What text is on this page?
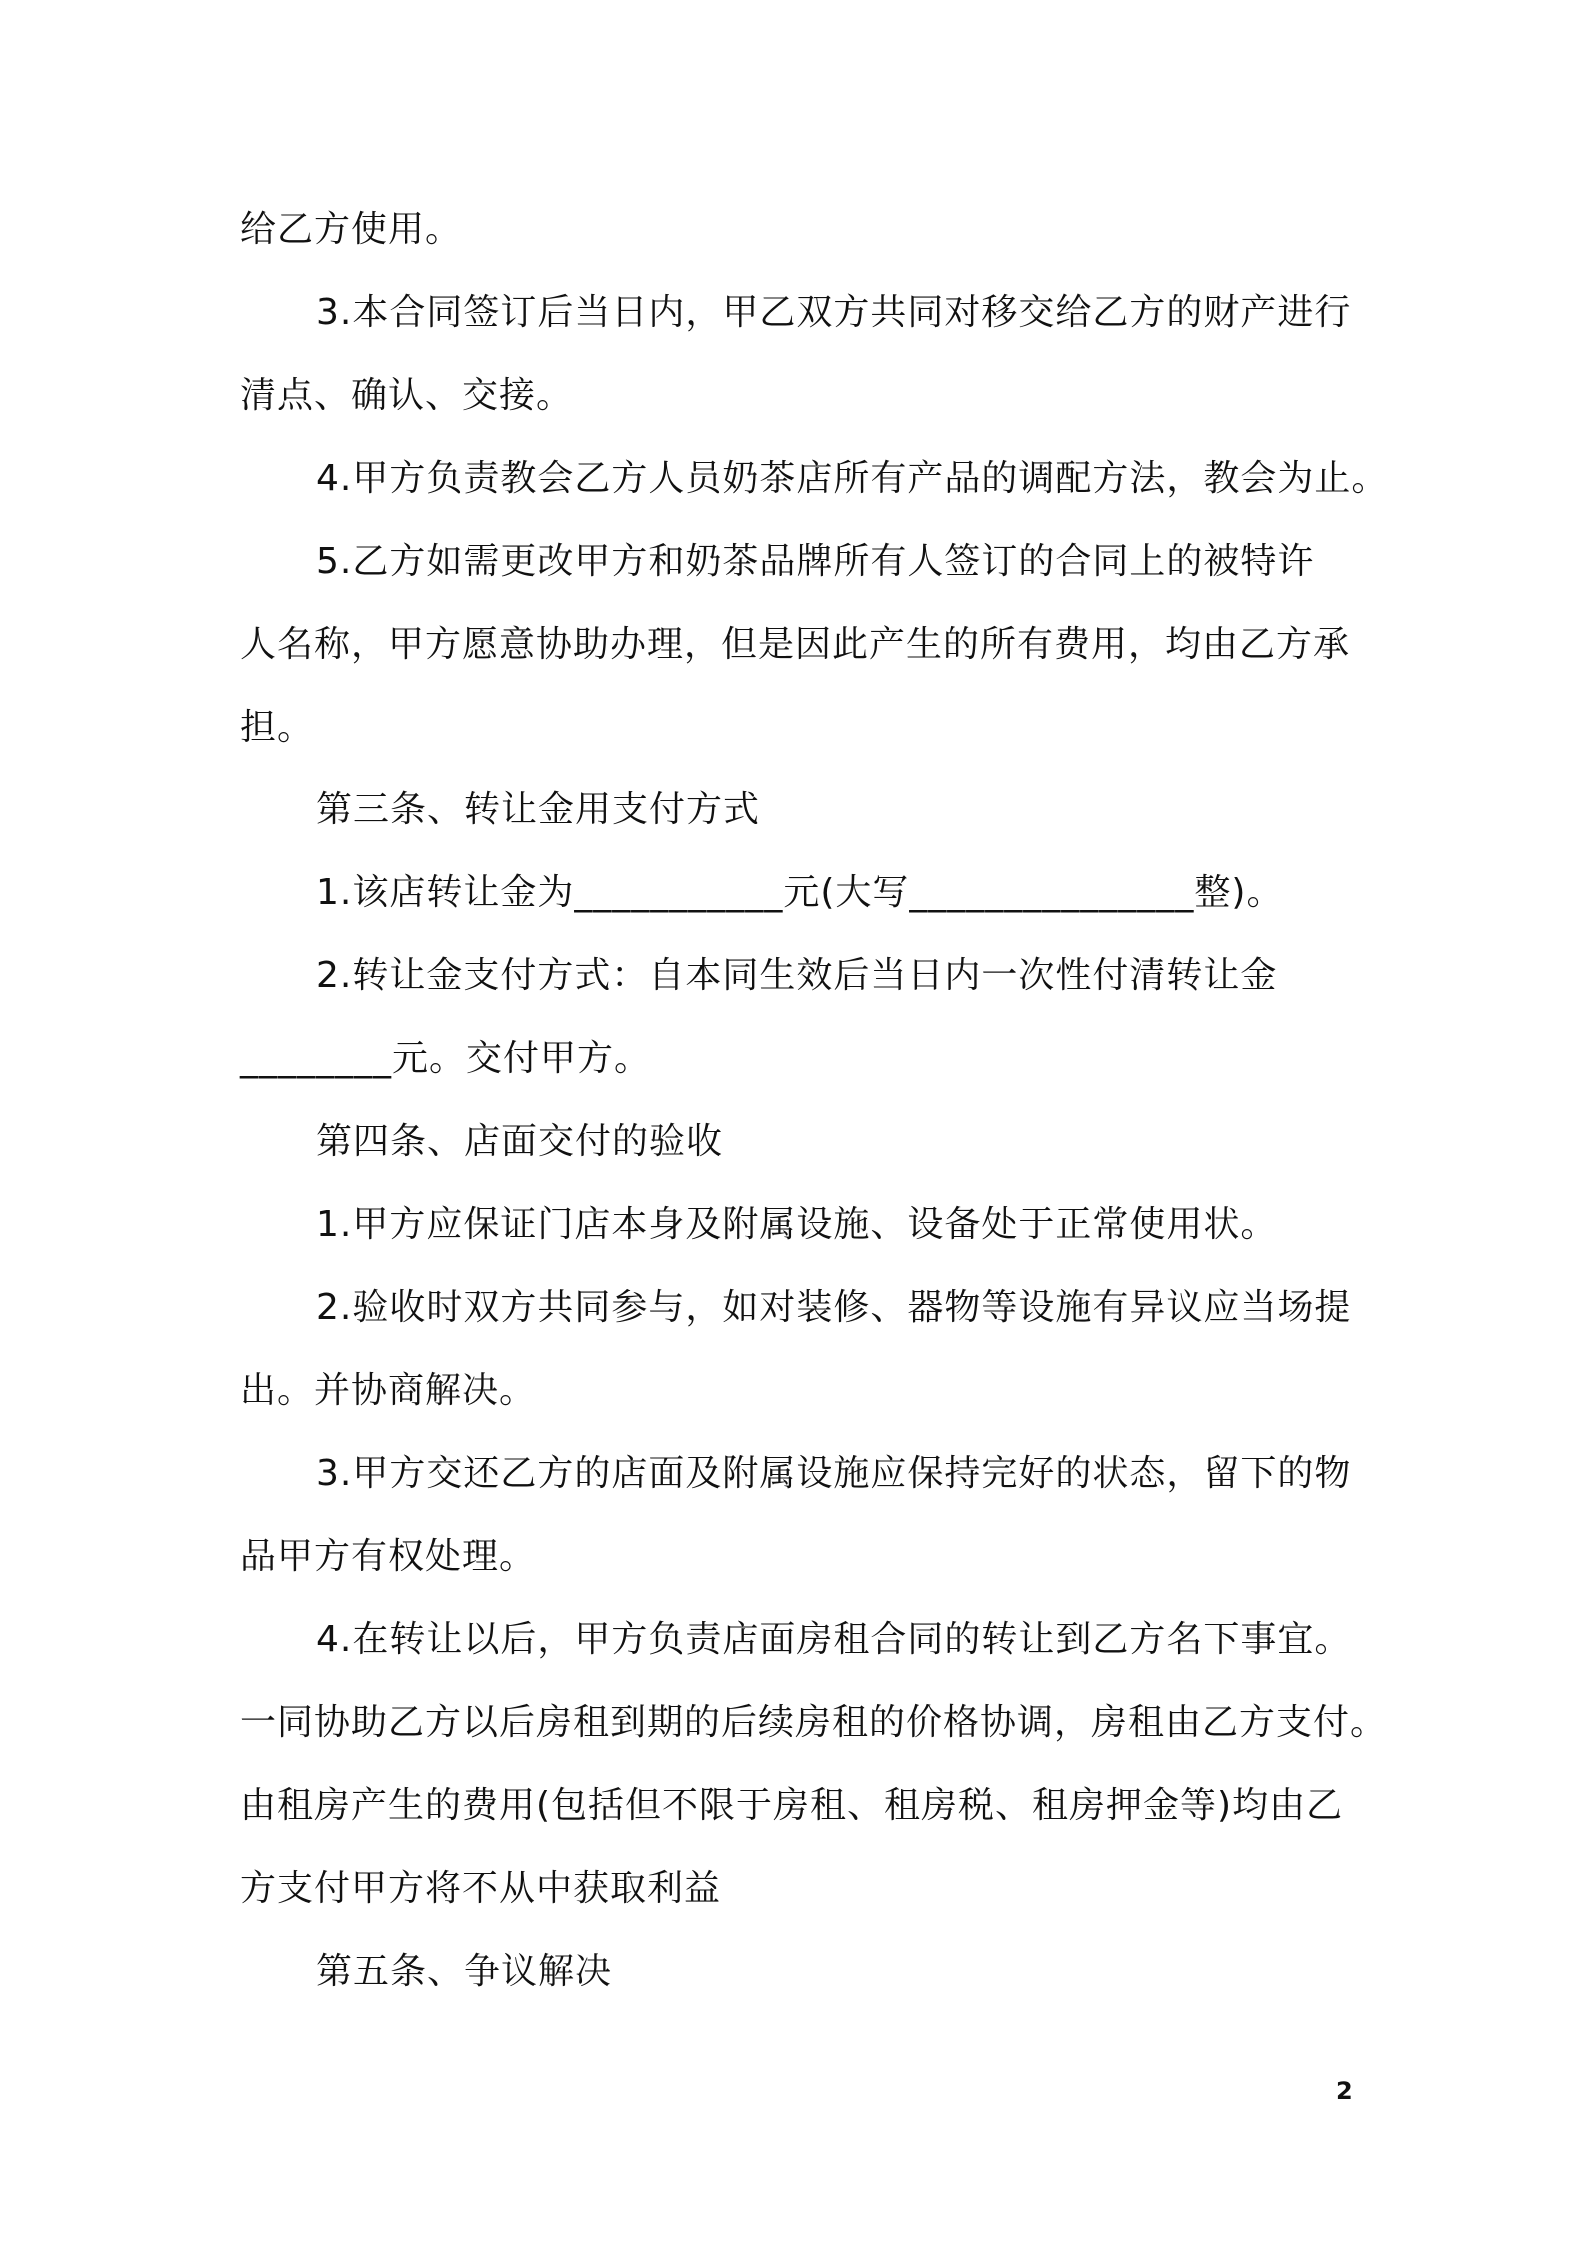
给乙方使用。
3.本合同签订后当日内，甲乙双方共同对移交给乙方的财产进行
清点、确认、交接。
4.甲方负责教会乙方人员奶茶店所有产品的调配方法，教会为止。
5.乙方如需更改甲方和奶茶品牌所有人签订的合同上的被特许
人名称，甲方愿意协助办理，但是因此产生的所有费用，均由乙方承
担。
第三条、转让金用支付方式
1.该店转让金为___________元(大写_______________整)。
2.转让金支付方式：自本同生效后当日内一次性付清转让金
________元。交付甲方。
第四条、店面交付的验收
1.甲方应保证门店本身及附属设施、设备处于正常使用状。
2.验收时双方共同参与，如对装修、器物等设施有异议应当场提
出。并协商解决。
3.甲方交还乙方的店面及附属设施应保持完好的状态，留下的物
品甲方有权处理。
4.在转让以后，甲方负责店面房租合同的转让到乙方名下事宜。
一同协助乙方以后房租到期的后续房租的价格协调，房租由乙方支付。
由租房产生的费用(包括但不限于房租、租房税、租房押金等)均由乙
方支付甲方将不从中获取利益
第五条、争议解决
2
